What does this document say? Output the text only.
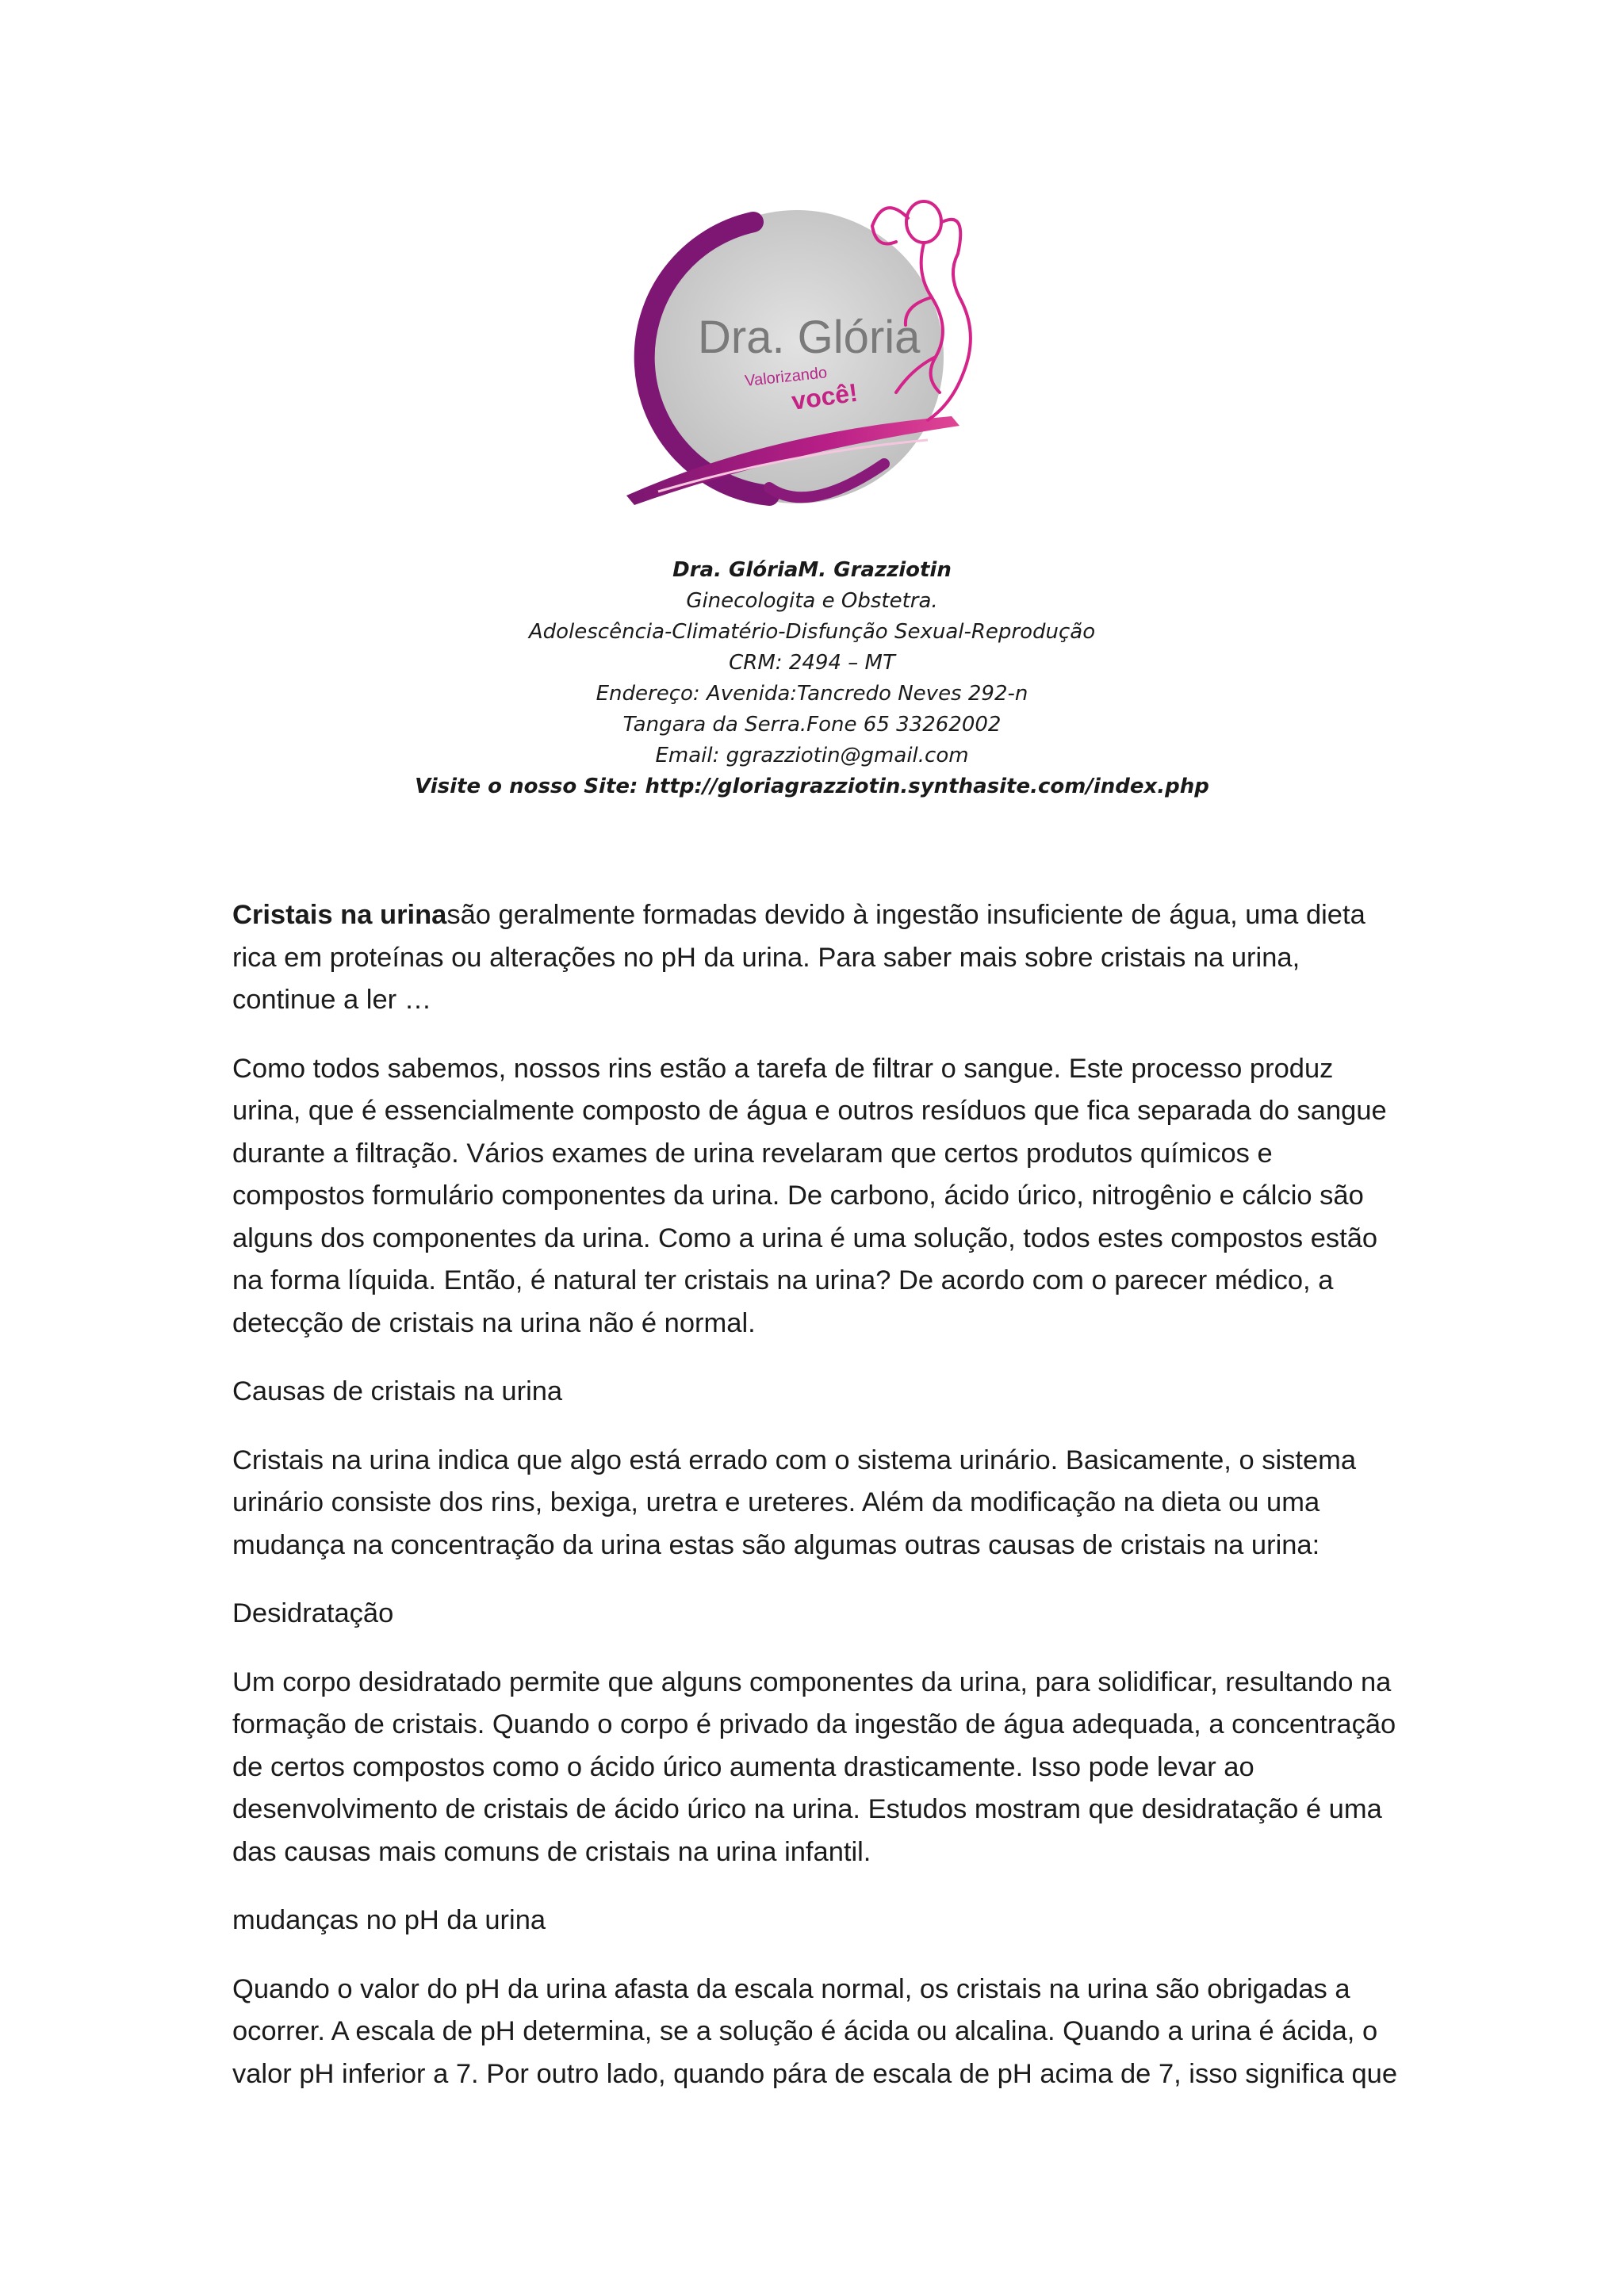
Dra. Glória
Valorizando
você!
Dra. GlóriaM. Grazziotin
Ginecologita e Obstetra.
Adolescência-Climatério-Disfunção Sexual-Reprodução
CRM: 2494 – MT
Endereço: Avenida:Tancredo Neves 292-n
Tangara da Serra.Fone 65 33262002
Email: ggrazziotin@gmail.com
Visite o nosso Site: http://gloriagrazziotin.synthasite.com/index.php

Cristais na urinasão geralmente formadas devido à ingestão insuficiente de água, uma dieta rica em proteínas ou alterações no pH da urina. Para saber mais sobre cristais na urina, continue a ler …

Como todos sabemos, nossos rins estão a tarefa de filtrar o sangue. Este processo produz urina, que é essencialmente composto de água e outros resíduos que fica separada do sangue durante a filtração. Vários exames de urina revelaram que certos produtos químicos e compostos formulário componentes da urina. De carbono, ácido úrico, nitrogênio e cálcio são alguns dos componentes da urina. Como a urina é uma solução, todos estes compostos estão na forma líquida. Então, é natural ter cristais na urina? De acordo com o parecer médico, a detecção de cristais na urina não é normal.

Causas de cristais na urina

Cristais na urina indica que algo está errado com o sistema urinário. Basicamente, o sistema urinário consiste dos rins, bexiga, uretra e ureteres. Além da modificação na dieta ou uma mudança na concentração da urina estas são algumas outras causas de cristais na urina:

Desidratação

Um corpo desidratado permite que alguns componentes da urina, para solidificar, resultando na formação de cristais. Quando o corpo é privado da ingestão de água adequada, a concentração de certos compostos como o ácido úrico aumenta drasticamente. Isso pode levar ao desenvolvimento de cristais de ácido úrico na urina. Estudos mostram que desidratação é uma das causas mais comuns de cristais na urina infantil.

mudanças no pH da urina

Quando o valor do pH da urina afasta da escala normal, os cristais na urina são obrigadas a ocorrer. A escala de pH determina, se a solução é ácida ou alcalina. Quando a urina é ácida, o valor pH inferior a 7. Por outro lado, quando pára de escala de pH acima de 7, isso significa que
